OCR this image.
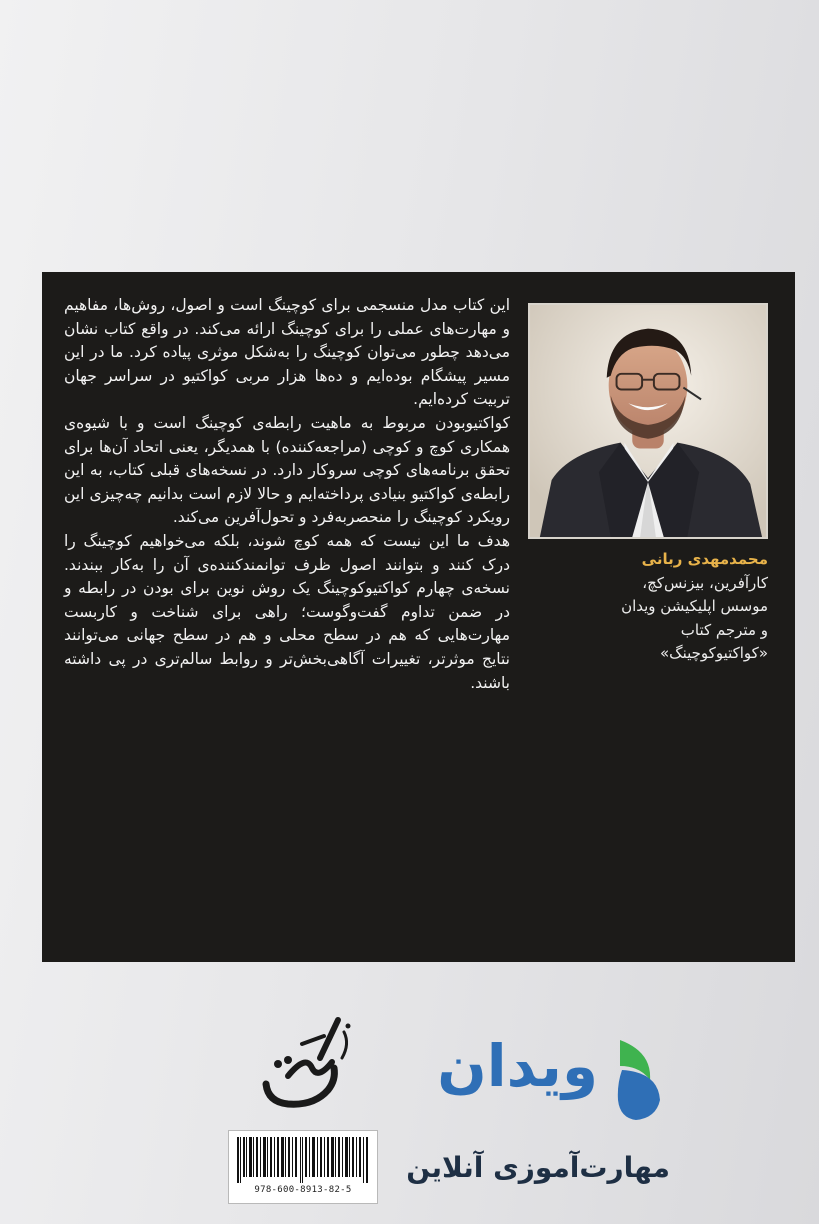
این کتاب مدل منسجمی برای کوچینگ است و اصول، روش‌ها، مفاهیم و مهارت‌های عملی را برای کوچینگ ارائه می‌کند. در واقع کتاب نشان می‌دهد چطور می‌توان کوچینگ را به‌شکل موثری پیاده کرد. ما در این مسیر پیشگام بوده‌ایم و ده‌ها هزار مربی کواکتیو در سراسر جهان تربیت کرده‌ایم.

کواکتیوبودن مربوط به ماهیت رابطه‌ی کوچینگ است و با شیوه‌ی همکاری کوچ و کوچی (مراجعه‌کننده) با همدیگر، یعنی اتحاد آن‌ها برای تحقق برنامه‌های کوچی سروکار دارد. در نسخه‌های قبلی کتاب، به این رابطه‌ی کواکتیو بنیادی پرداخته‌ایم و حالا لازم است بدانیم چه‌چیزی این رویکرد کوچینگ را منحصربه‌فرد و تحول‌آفرین می‌کند.

هدف ما این نیست که همه کوچ شوند، بلکه می‌خواهیم کوچینگ را درک کنند و بتوانند اصول ظرف توانمندکننده‌ی آن را به‌کار ببندند. نسخه‌ی چهارم کواکتیوکوچینگ یک روش نوین برای بودن در رابطه و در ضمن تداوم گفت‌وگوست؛ راهی برای شناخت و کاربست مهارت‌هایی که هم در سطح محلی و هم در سطح جهانی می‌توانند نتایج موثرتر، تغییرات آگاهی‌بخش‌تر و روابط سالم‌تری در پی داشته باشند.

محمدمهدی ربانی
کارآفرین، بیزنس‌کچ،
موسس اپلیکیشن ویدان
و مترجم کتاب
«کواکتیوکوچینگ»
ویدان
مهارت‌آموزی آنلاین
978-600-8913-82-5
